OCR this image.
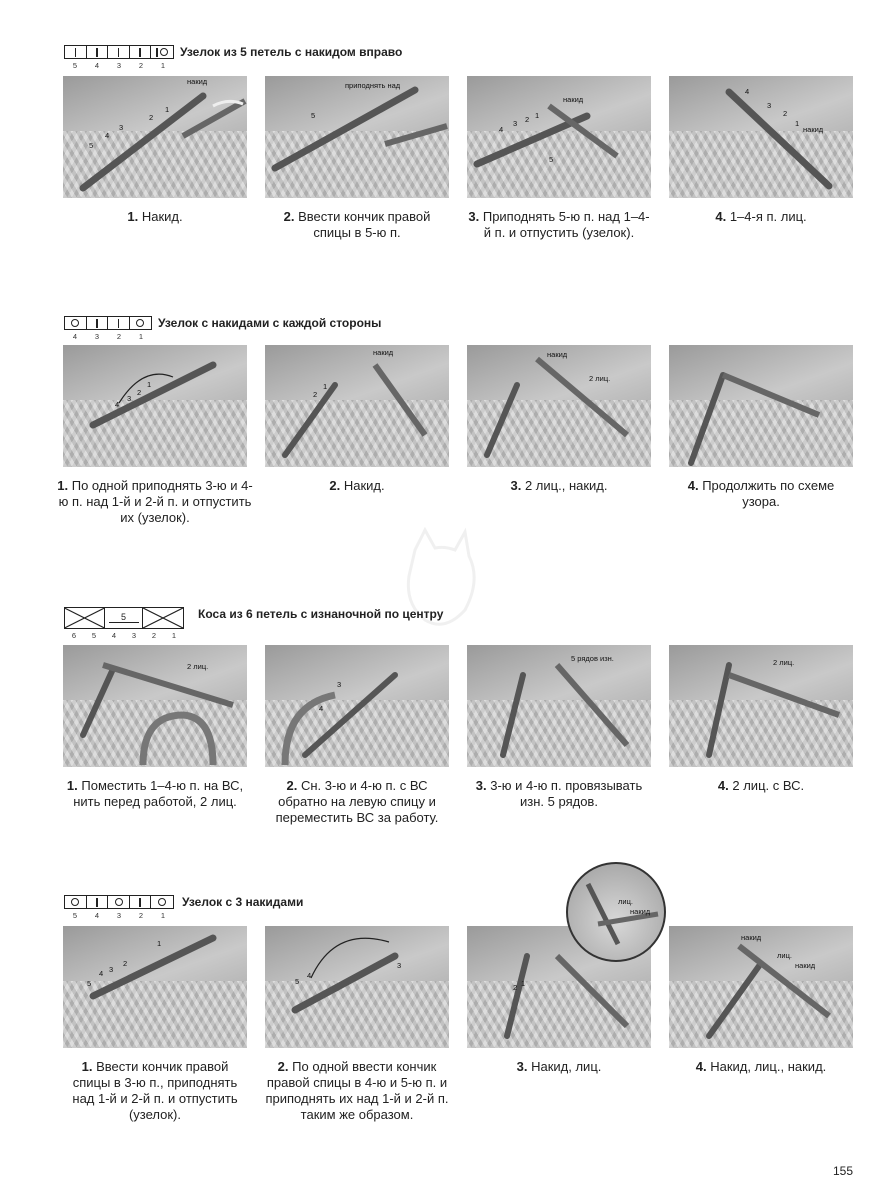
5	4	3	2	1
Узелок из 5 петель с накидом вправо
накид
5
4
3
2
1
1. Накид.
приподнять над
5
2. Ввести кончик правой спицы в 5-ю п.
накид
4
3 2 1
5
3. Приподнять 5-ю п. над 1–4-й п. и отпустить (узелок).
4
3
2
1
накид
4. 1–4-я п. лиц.
4	3	2	1
Узелок с накидами с каждой стороны
4
3
2
1
1. По одной приподнять 3-ю и 4-ю п. над 1-й и 2-й п. и отпустить их (узелок).
накид
2
1
2. Накид.
накид
2 лиц.
3. 2 лиц., накид.	4. Продолжить по схеме узора.
5
6	5	4	3	2	1
Коса из 6 петель с изнаночной по центру
2 лиц.
1. Поместить 1–4-ю п. на ВС, нить перед работой, 2 лиц.
3
4
2. Сн. 3-ю и 4-ю п. с ВС обратно на левую спицу и переместить ВС за работу.
5 рядов изн.
3. 3-ю и 4-ю п. провязывать изн. 5 рядов.
2 лиц.
4. 2 лиц. с ВС.
5	4	3	2	1
Узелок с 3 накидами
1
2
3
4
5
1. Ввести кончик правой спицы в 3-ю п., приподнять над 1-й и 2-й п. и отпустить (узелок).
5
4
3
2. По одной ввести кончик правой спицы в 4-ю и 5-ю п. и приподнять их над 1-й и 2-й п. таким же образом.
2 1
лиц.
накид
3. Накид, лиц.
накид
лиц.
накид
4. Накид, лиц., накид.
155
